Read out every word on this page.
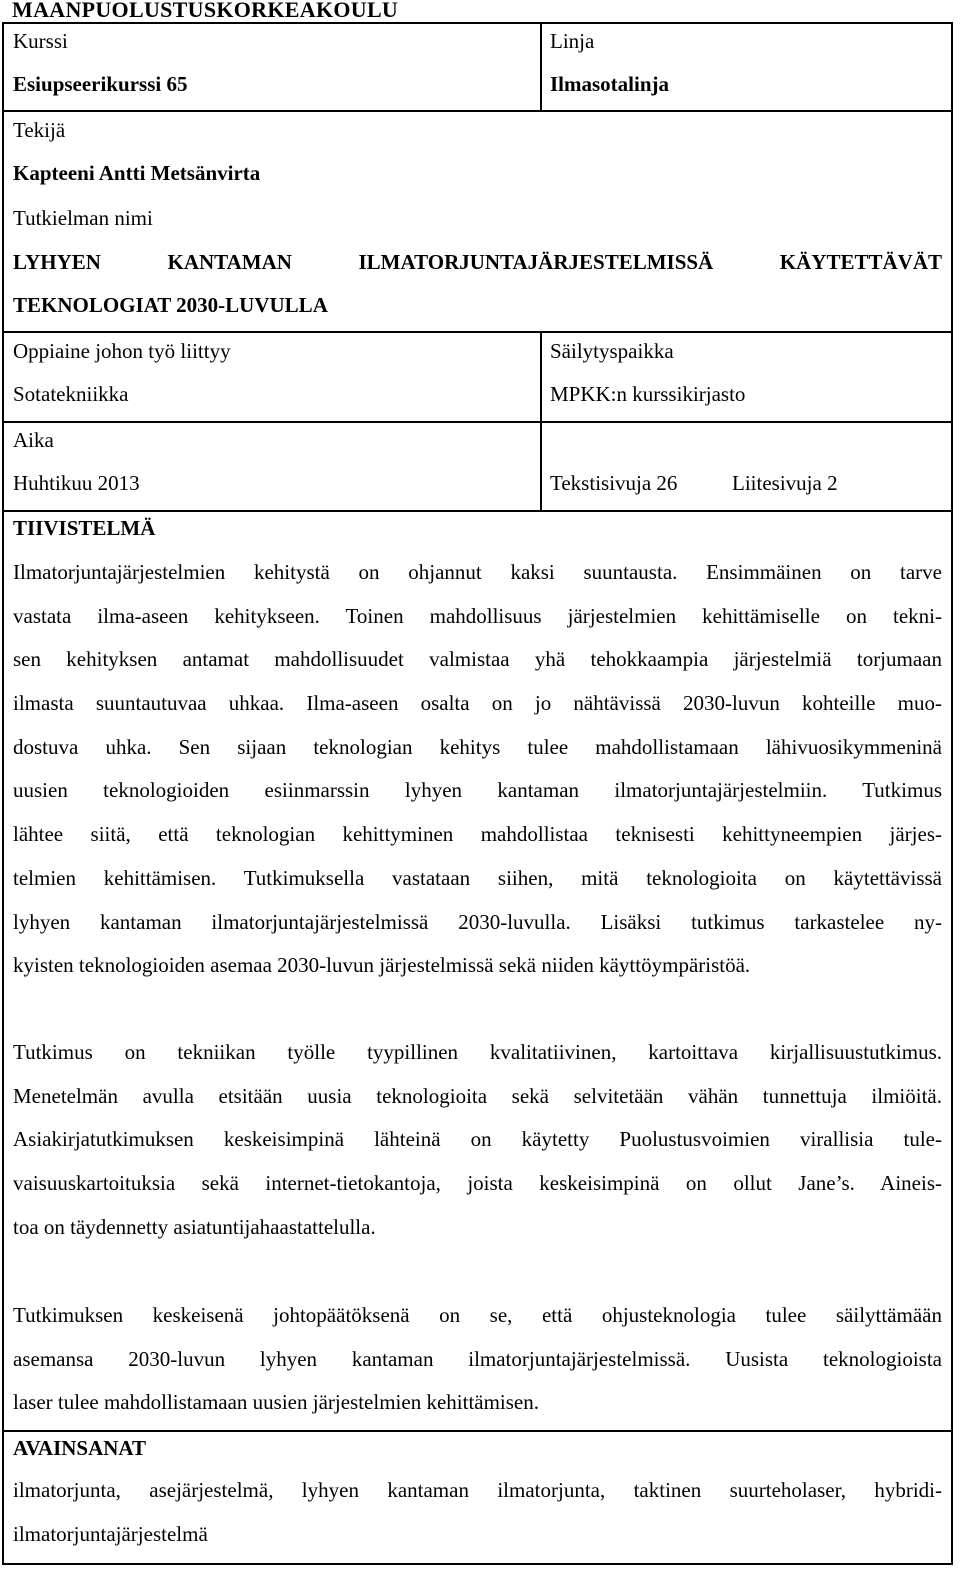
MAANPUOLUSTUSKORKEAKOULU
Kurssi
Esiupseerikurssi 65
Linja
Ilmasotalinja
Tekijä
Kapteeni Antti Metsänvirta
Tutkielman nimi
LYHYEN KANTAMAN ILMATORJUNTAJÄRJESTELMISSÄ KÄYTETTÄVÄT
TEKNOLOGIAT 2030-LUVULLA
Oppiaine johon työ liittyy
Sotatekniikka
Säilytyspaikka
MPKK:n kurssikirjasto
Aika
Huhtikuu 2013	Tekstisivuja 26	Liitesivuja 2
TIIVISTELMÄ
Ilmatorjuntajärjestelmien kehitystä on ohjannut kaksi suuntausta. Ensimmäinen on tarve
vastata ilma-aseen kehitykseen. Toinen mahdollisuus järjestelmien kehittämiselle on tekni-
sen kehityksen antamat mahdollisuudet valmistaa yhä tehokkaampia järjestelmiä torjumaan
ilmasta suuntautuvaa uhkaa. Ilma-aseen osalta on jo nähtävissä 2030-luvun kohteille muo-
dostuva uhka. Sen sijaan teknologian kehitys tulee mahdollistamaan lähivuosikymmeninä
uusien teknologioiden esiinmarssin lyhyen kantaman ilmatorjuntajärjestelmiin. Tutkimus
lähtee siitä, että teknologian kehittyminen mahdollistaa teknisesti kehittyneempien järjes-
telmien kehittämisen. Tutkimuksella vastataan siihen, mitä teknologioita on käytettävissä
lyhyen kantaman ilmatorjuntajärjestelmissä 2030-luvulla. Lisäksi tutkimus tarkastelee ny-
kyisten teknologioiden asemaa 2030-luvun järjestelmissä sekä niiden käyttöympäristöä.
Tutkimus on tekniikan työlle tyypillinen kvalitatiivinen, kartoittava kirjallisuustutkimus.
Menetelmän avulla etsitään uusia teknologioita sekä selvitetään vähän tunnettuja ilmiöitä.
Asiakirjatutkimuksen keskeisimpinä lähteinä on käytetty Puolustusvoimien virallisia tule-
vaisuuskartoituksia sekä internet-tietokantoja, joista keskeisimpinä on ollut Jane’s. Aineis-
toa on täydennetty asiatuntijahaastattelulla.
Tutkimuksen keskeisenä johtopäätöksenä on se, että ohjusteknologia tulee säilyttämään
asemansa 2030-luvun lyhyen kantaman ilmatorjuntajärjestelmissä. Uusista teknologioista
laser tulee mahdollistamaan uusien järjestelmien kehittämisen.
AVAINSANAT
ilmatorjunta, asejärjestelmä, lyhyen kantaman ilmatorjunta, taktinen suurteholaser, hybridi-
ilmatorjuntajärjestelmä
